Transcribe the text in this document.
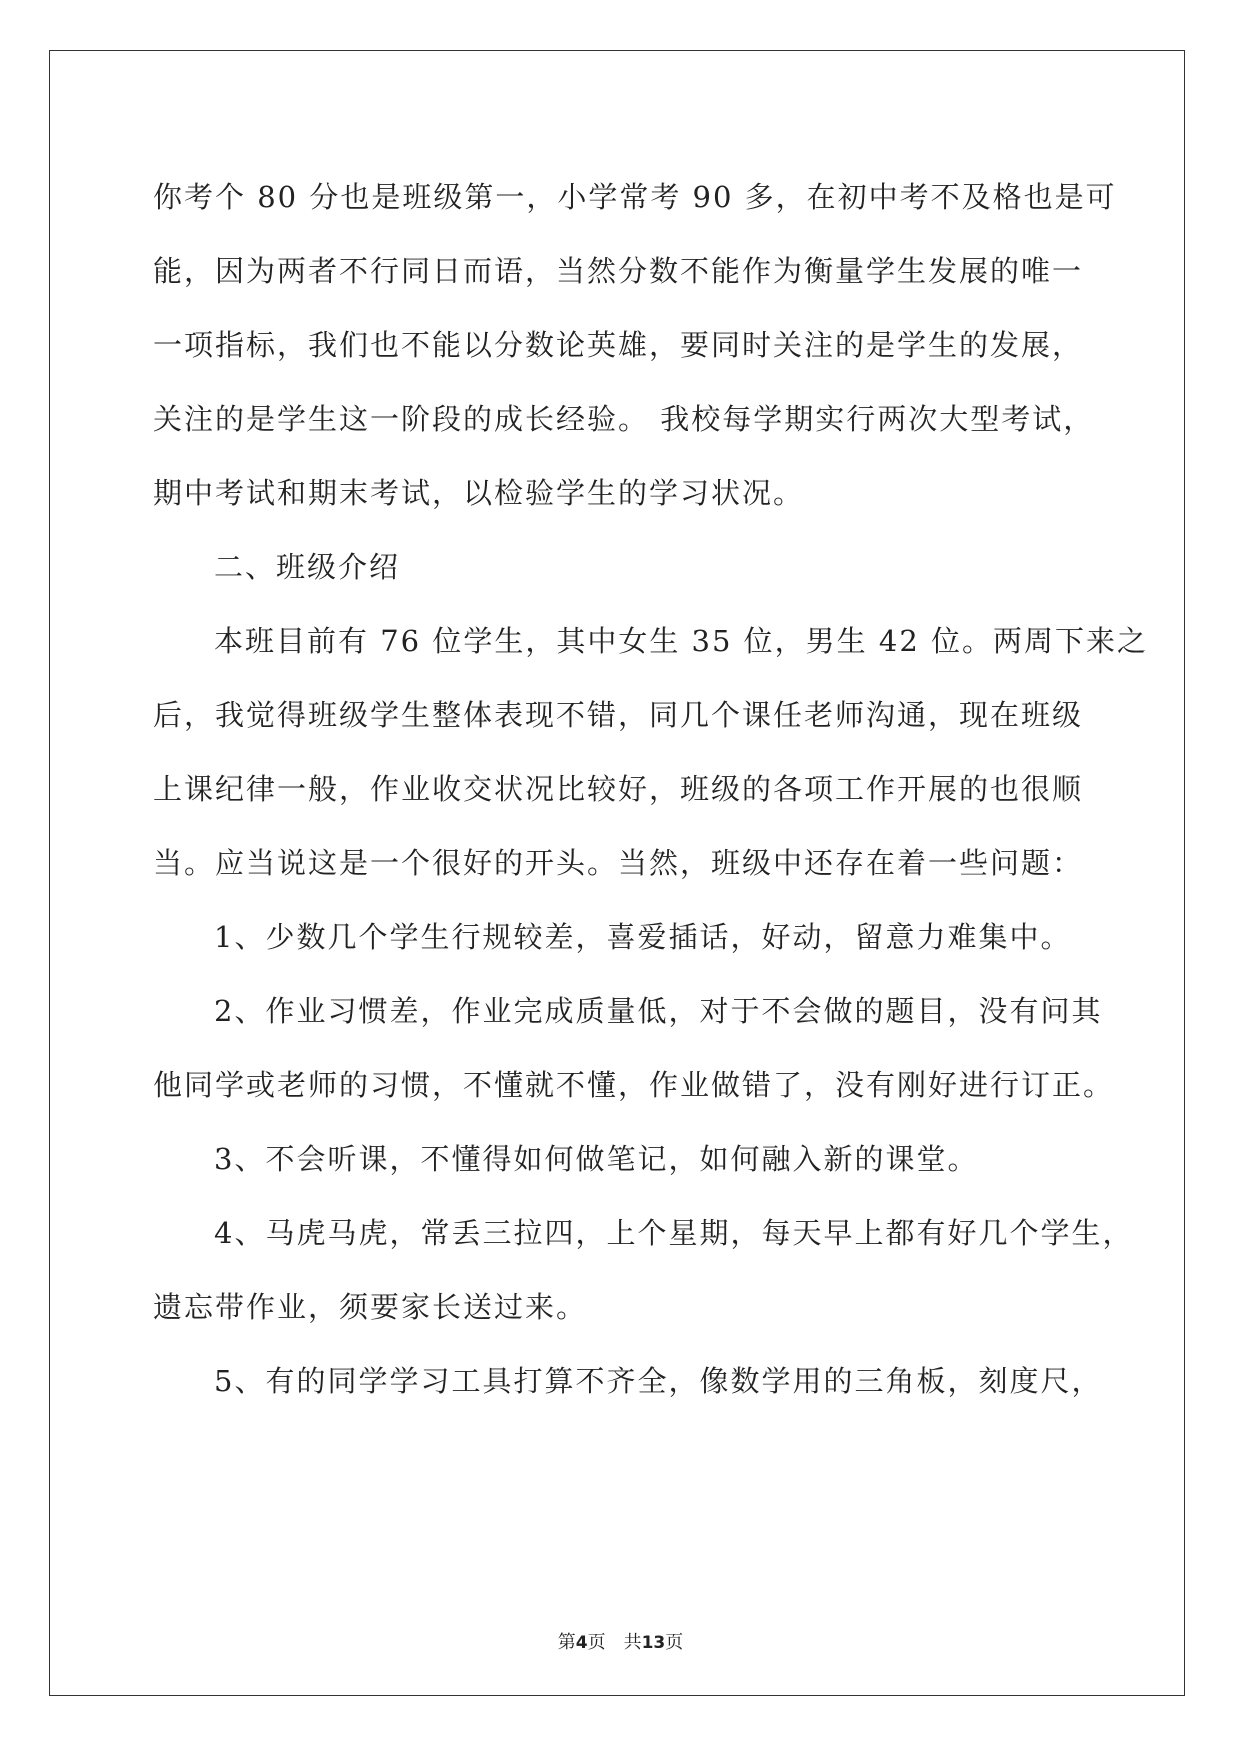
你考个 80 分也是班级第一，小学常考 90 多，在初中考不及格也是可

能，因为两者不行同日而语，当然分数不能作为衡量学生发展的唯一

一项指标，我们也不能以分数论英雄，要同时关注的是学生的发展，

关注的是学生这一阶段的成长经验。 我校每学期实行两次大型考试，

期中考试和期末考试，以检验学生的学习状况。

二、班级介绍

本班目前有 76 位学生，其中女生 35 位，男生 42 位。两周下来之

后，我觉得班级学生整体表现不错，同几个课任老师沟通，现在班级

上课纪律一般，作业收交状况比较好，班级的各项工作开展的也很顺

当。应当说这是一个很好的开头。当然，班级中还存在着一些问题：

1、少数几个学生行规较差，喜爱插话，好动，留意力难集中。

2、作业习惯差，作业完成质量低，对于不会做的题目，没有问其

他同学或老师的习惯，不懂就不懂，作业做错了，没有刚好进行订正。

3、不会听课，不懂得如何做笔记，如何融入新的课堂。

4、马虎马虎，常丢三拉四，上个星期，每天早上都有好几个学生，

遗忘带作业，须要家长送过来。

5、有的同学学习工具打算不齐全，像数学用的三角板，刻度尺，

第4页　共13页
